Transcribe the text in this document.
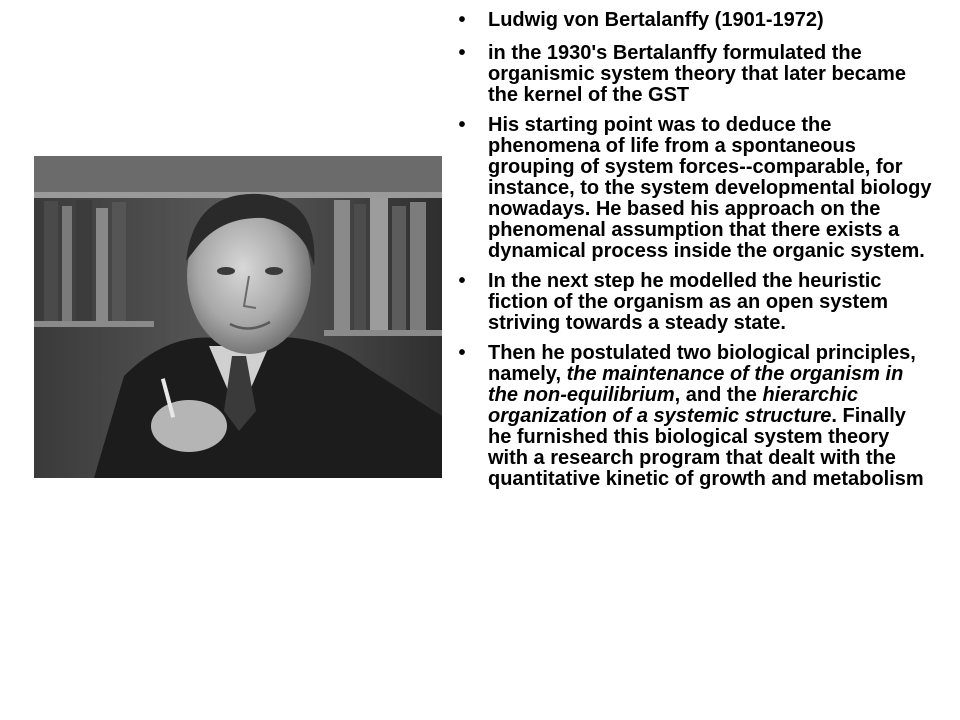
•	Ludwig von Bertalanffy (1901-1972)
•	in the 1930's Bertalanffy formulated the organismic system theory that later became the kernel of the GST
•	His starting point was to deduce the phenomena of life from a spontaneous grouping of system forces--comparable, for instance, to the system developmental biology nowadays. He based his approach on the phenomenal assumption that there exists a dynamical process inside the organic system.
•	In the next step he modelled the heuristic fiction of the organism as an open system striving towards a steady state.
•	Then he postulated two biological principles, namely, the maintenance of the organism in the non-equilibrium, and the hierarchic organization of a systemic structure. Finally he furnished this biological system theory with a research program that dealt with the quantitative kinetic of growth and metabolism
